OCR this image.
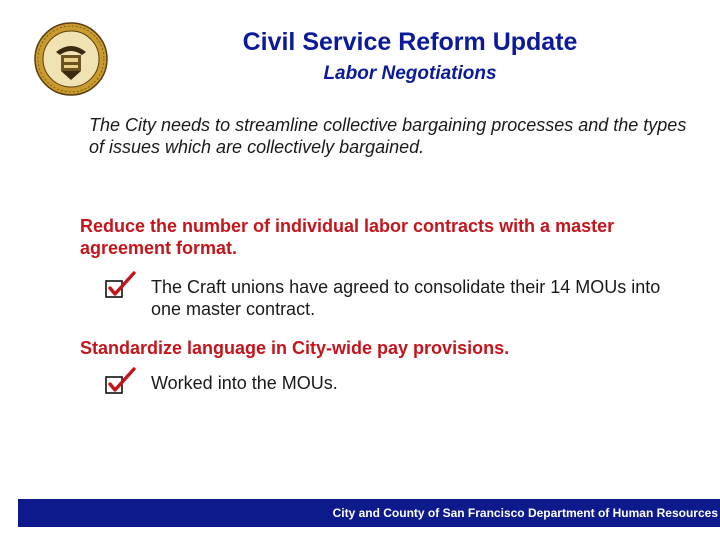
Civil Service Reform Update
Labor Negotiations
The City needs to streamline collective bargaining processes and the types of issues which are collectively bargained.
Reduce the number of individual labor contracts with a master agreement format.
The Craft unions have agreed to consolidate their 14 MOUs into one master contract.
Standardize language in City-wide pay provisions.
Worked into the MOUs.
City and County of San Francisco Department of Human Resources
